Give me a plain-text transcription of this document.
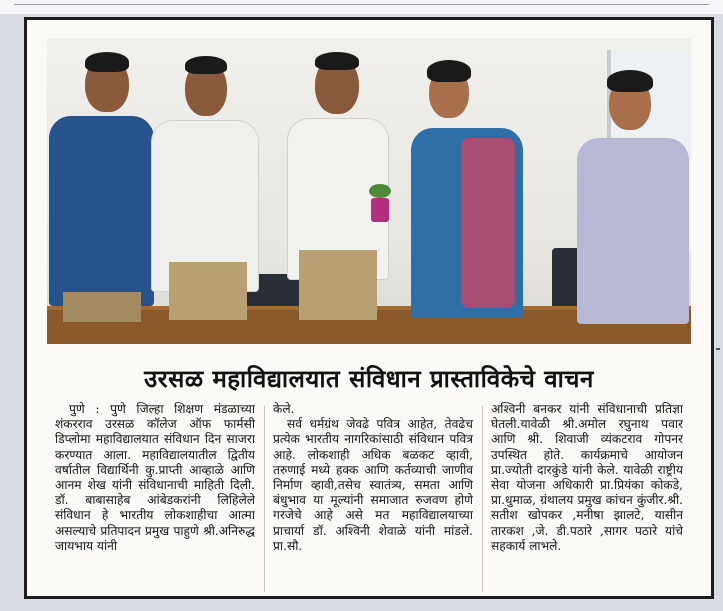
उरसळ महाविद्यालयात संविधान प्रास्ताविकेचे वाचन

पुणे : पुणे जिल्हा शिक्षण मंडळाच्या शंकरराव उरसळ कॉलेज ऑफ फार्मसी डिप्लोमा महाविद्यालयात संविधान दिन साजरा करण्यात आला. महाविद्यालयातील द्वितीय वर्षातील विद्यार्थिनी कु.प्राप्ती आव्हाळे आणि आनम शेख यांनी संविधानाची माहिती दिली. डॉ. बाबासाहेब आंबेडकरांनी लिहिलेले संविधान हे भारतीय लोकशाहीचा आत्मा असल्याचे प्रतिपादन प्रमुख पाहुणे श्री.अनिरुद्ध जायभाय यांनी

केले.

सर्व धर्मग्रंथ जेवढे पवित्र आहेत, तेवढेच प्रत्येक भारतीय नागरिकांसाठी संविधान पवित्र आहे. लोकशाही अधिक बळकट व्हावी, तरुणाई मध्ये हक्क आणि कर्तव्याची जाणीव निर्माण व्हावी,तसेच स्वातंत्र्य, समता आणि बंधुभाव या मूल्यांनी समाजात रुजवण होणे गरजेचे आहे असे मत महाविद्यालयाच्या प्राचार्या डॉ. अश्विनी शेवाळे यांनी मांडले. प्रा.सौ.

अश्विनी बनकर यांनी संविधानाची प्रतिज्ञा घेतली.यावेळी श्री.अमोल रघुनाथ पवार आणि श्री. शिवाजी व्यंकटराव गोपनर उपस्थित होते. कार्यक्रमाचे आयोजन प्रा.ज्योती दारकुंडे यांनी केले. यावेळी राष्ट्रीय सेवा योजना अधिकारी प्रा.प्रियंका कोकडे, प्रा.धुमाळ, ग्रंथालय प्रमुख कांचन कुंजीर.श्री. सतीश खोपकर ,मनीषा झालटे, यासीन तारकश ,जे. डी.पठारे ,सागर पठारे यांचे सहकार्य लाभले.
